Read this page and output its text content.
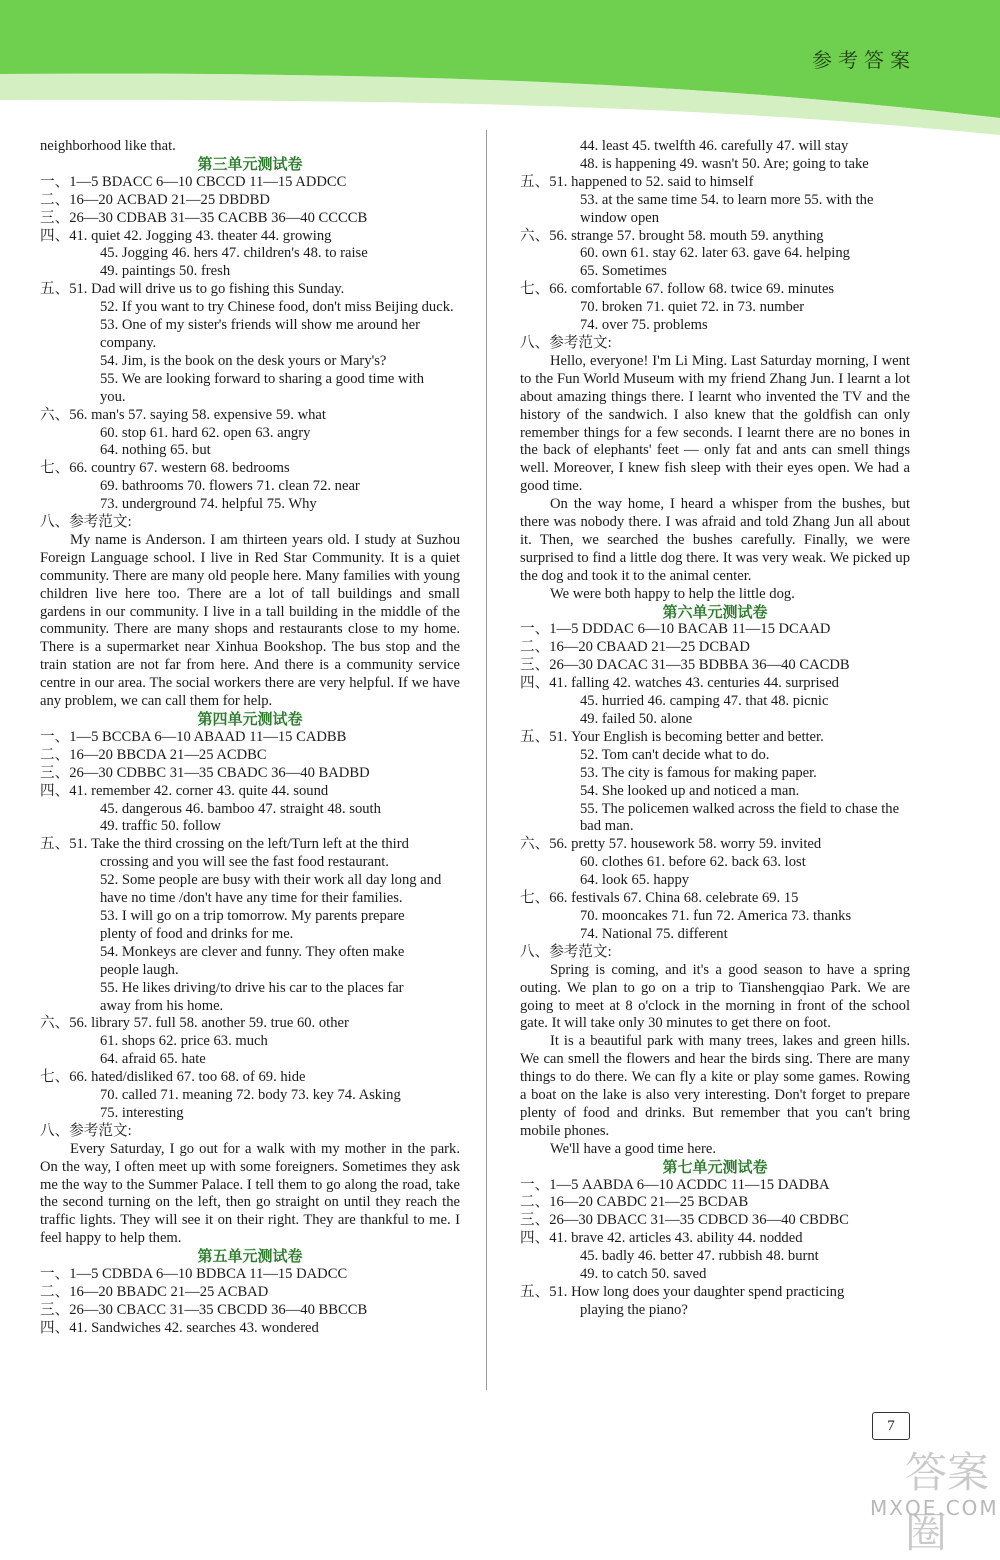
参考答案
neighborhood like that.
第三单元测试卷
一、1—5 BDACC 6—10 CBCCD 11—15 ADDCC
二、16—20 ACBAD 21—25 DBDBD
三、26—30 CDBAB 31—35 CACBB 36—40 CCCCB
四、41. quiet 42. Jogging 43. theater 44. growing
45. Jogging 46. hers 47. children's 48. to raise
49. paintings 50. fresh
五、51. Dad will drive us to go fishing this Sunday.
52. If you want to try Chinese food, don't miss Beijing duck.
53. One of my sister's friends will show me around her
company.
54. Jim, is the book on the desk yours or Mary's?
55. We are looking forward to sharing a good time with
you.
六、56. man's 57. saying 58. expensive 59. what
60. stop 61. hard 62. open 63. angry
64. nothing 65. but
七、66. country 67. western 68. bedrooms
69. bathrooms 70. flowers 71. clean 72. near
73. underground 74. helpful 75. Why
八、参考范文:
My name is Anderson. I am thirteen years old. I study at Suzhou Foreign Language school. I live in Red Star Community. It is a quiet community. There are many old people here. Many families with young children live here too. There are a lot of tall buildings and small gardens in our community. I live in a tall building in the middle of the community. There are many shops and restaurants close to my home. There is a supermarket near Xinhua Bookshop. The bus stop and the train station are not far from here. And there is a community service centre in our area. The social workers there are very helpful. If we have any problem, we can call them for help.
第四单元测试卷
一、1—5 BCCBA 6—10 ABAAD 11—15 CADBB
二、16—20 BBCDA 21—25 ACDBC
三、26—30 CDBBC 31—35 CBADC 36—40 BADBD
四、41. remember 42. corner 43. quite 44. sound
45. dangerous 46. bamboo 47. straight 48. south
49. traffic 50. follow
五、51. Take the third crossing on the left/Turn left at the third
crossing and you will see the fast food restaurant.
52. Some people are busy with their work all day long and
have no time /don't have any time for their families.
53. I will go on a trip tomorrow. My parents prepare
plenty of food and drinks for me.
54. Monkeys are clever and funny. They often make
people laugh.
55. He likes driving/to drive his car to the places far
away from his home.
六、56. library 57. full 58. another 59. true 60. other
61. shops 62. price 63. much
64. afraid 65. hate
七、66. hated/disliked 67. too 68. of 69. hide
70. called 71. meaning 72. body 73. key 74. Asking
75. interesting
八、参考范文:
Every Saturday, I go out for a walk with my mother in the park. On the way, I often meet up with some foreigners. Sometimes they ask me the way to the Summer Palace. I tell them to go along the road, take the second turning on the left, then go straight on until they reach the traffic lights. They will see it on their right. They are thankful to me. I feel happy to help them.
第五单元测试卷
一、1—5 CDBDA 6—10 BDBCA 11—15 DADCC
二、16—20 BBADC 21—25 ACBAD
三、26—30 CBACC 31—35 CBCDD 36—40 BBCCB
四、41. Sandwiches 42. searches 43. wondered
44. least 45. twelfth 46. carefully 47. will stay
48. is happening 49. wasn't 50. Are; going to take
五、51. happened to 52. said to himself
53. at the same time 54. to learn more 55. with the
window open
六、56. strange 57. brought 58. mouth 59. anything
60. own 61. stay 62. later 63. gave 64. helping
65. Sometimes
七、66. comfortable 67. follow 68. twice 69. minutes
70. broken 71. quiet 72. in 73. number
74. over 75. problems
八、参考范文:
Hello, everyone! I'm Li Ming. Last Saturday morning, I went to the Fun World Museum with my friend Zhang Jun. I learnt a lot about amazing things there. I learnt who invented the TV and the history of the sandwich. I also knew that the goldfish can only remember things for a few seconds. I learnt there are no bones in the back of elephants' feet — only fat and ants can smell things well. Moreover, I knew fish sleep with their eyes open. We had a good time.
On the way home, I heard a whisper from the bushes, but there was nobody there. I was afraid and told Zhang Jun all about it. Then, we searched the bushes carefully. Finally, we were surprised to find a little dog there. It was very weak. We picked up the dog and took it to the animal center.
We were both happy to help the little dog.
第六单元测试卷
一、1—5 DDDAC 6—10 BACAB 11—15 DCAAD
二、16—20 CBAAD 21—25 DCBAD
三、26—30 DACAC 31—35 BDBBA 36—40 CACDB
四、41. falling 42. watches 43. centuries 44. surprised
45. hurried 46. camping 47. that 48. picnic
49. failed 50. alone
五、51. Your English is becoming better and better.
52. Tom can't decide what to do.
53. The city is famous for making paper.
54. She looked up and noticed a man.
55. The policemen walked across the field to chase the
bad man.
六、56. pretty 57. housework 58. worry 59. invited
60. clothes 61. before 62. back 63. lost
64. look 65. happy
七、66. festivals 67. China 68. celebrate 69. 15
70. mooncakes 71. fun 72. America 73. thanks
74. National 75. different
八、参考范文:
Spring is coming, and it's a good season to have a spring outing. We plan to go on a trip to Tianshengqiao Park. We are going to meet at 8 o'clock in the morning in front of the school gate. It will take only 30 minutes to get there on foot.
It is a beautiful park with many trees, lakes and green hills. We can smell the flowers and hear the birds sing. There are many things to do there. We can fly a kite or play some games. Rowing a boat on the lake is also very interesting. Don't forget to prepare plenty of food and drinks. But remember that you can't bring mobile phones.
We'll have a good time here.
第七单元测试卷
一、1—5 AABDA 6—10 ACDDC 11—15 DADBA
二、16—20 CABDC 21—25 BCDAB
三、26—30 DBACC 31—35 CDBCD 36—40 CBDBC
四、41. brave 42. articles 43. ability 44. nodded
45. badly 46. better 47. rubbish 48. burnt
49. to catch 50. saved
五、51. How long does your daughter spend practicing
playing the piano?
7
答案圈
MXQE.COM
